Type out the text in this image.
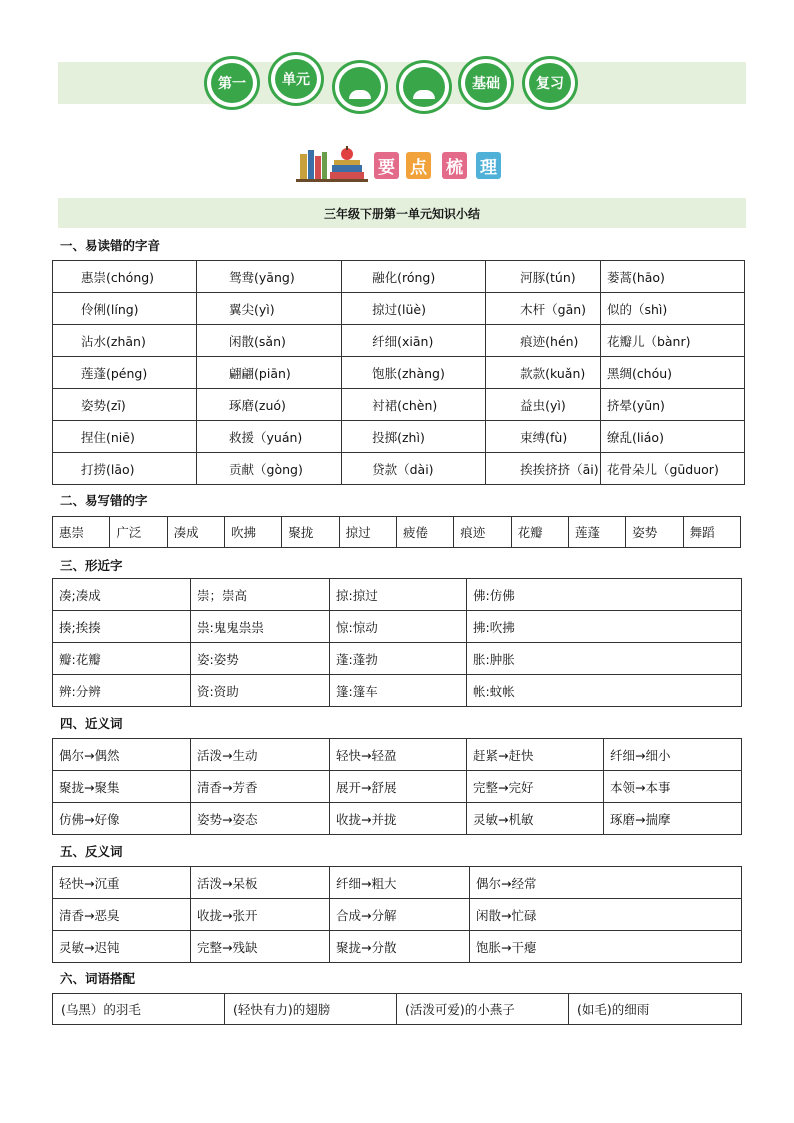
第一	单元	基础	复习
要 点 梳 理
三年级下册第一单元知识小结
一、易读错的字音
惠崇(chóng)	鸳鸯(yāng)	融化(róng)	河豚(tún)	蒌蒿(hāo)
伶俐(líng)	翼尖(yì)	掠过(lüè)	木杆（gān)	似的（shì)
沾水(zhān)	闲散(sǎn)	纤细(xiān)	痕迹(hén)	花瓣儿（bànr)
莲蓬(péng)	翩翩(piān)	饱胀(zhàng)	款款(kuǎn)	黑绸(chóu)
姿势(zī)	琢磨(zuó)	衬裙(chèn)	益虫(yì)	挤晕(yūn)
捏住(niē)	救援（yuán)	投掷(zhì)	束缚(fù)	缭乱(liáo)
打捞(lāo)	贡献（gòng)	贷款（dài)	挨挨挤挤（āi)	花骨朵儿（gūduor)
二、易写错的字
惠崇	广泛	凑成	吹拂	聚拢	掠过	疲倦	痕迹	花瓣	莲蓬	姿势	舞蹈
三、形近字
凑;凑成	崇；崇高	掠:掠过	佛:仿佛
揍;挨揍	祟:鬼鬼祟祟	惊:惊动	拂:吹拂
瓣:花瓣	姿:姿势	蓬:蓬勃	胀:肿胀
辨:分辨	资:资助	篷:篷车	帐:蚊帐
四、近义词
偶尔→偶然	活泼→生动	轻快→轻盈	赶紧→赶快	纤细→细小
聚拢→聚集	清香→芳香	展开→舒展	完整→完好	本领→本事
仿佛→好像	姿势→姿态	收拢→并拢	灵敏→机敏	琢磨→揣摩
五、反义词
轻快→沉重	活泼→呆板	纤细→粗大	偶尔→经常
清香→恶臭	收拢→张开	合成→分解	闲散→忙碌
灵敏→迟钝	完整→残缺	聚拢→分散	饱胀→干瘪
六、词语搭配
(乌黑）的羽毛	(轻快有力)的翅膀	(活泼可爱)的小燕子	(如毛)的细雨
